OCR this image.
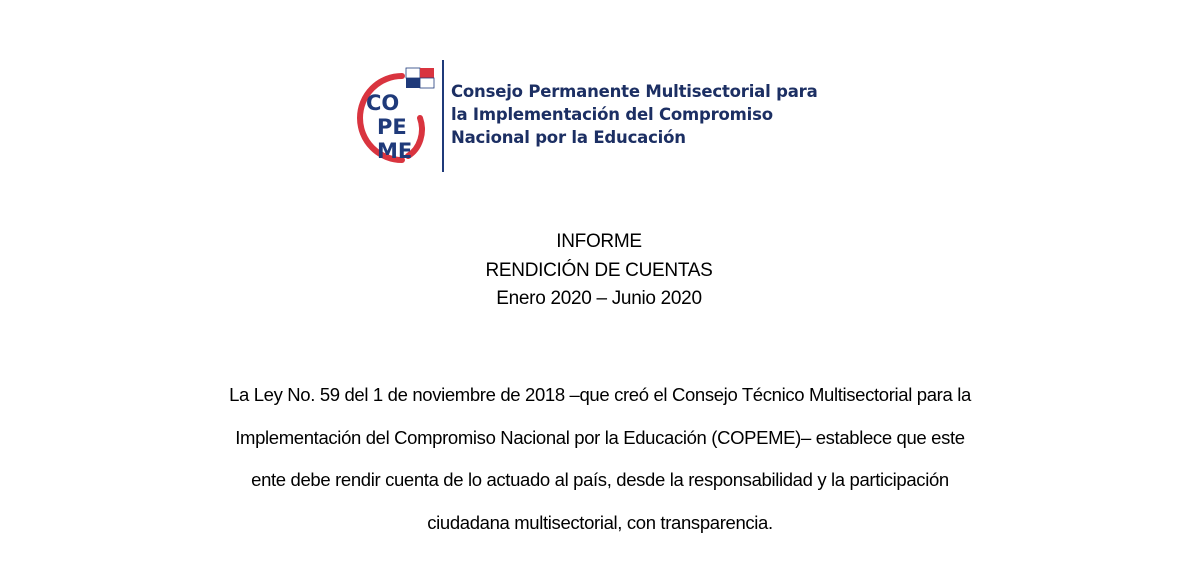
CO
PE
ME
Consejo Permanente Multisectorial para
la Implementación del Compromiso
Nacional por la Educación
INFORME
RENDICIÓN DE CUENTAS
Enero 2020 – Junio 2020
La Ley No. 59 del 1 de noviembre de 2018 –que creó el Consejo Técnico Multisectorial para la
Implementación del Compromiso Nacional por la Educación (COPEME)– establece que este
ente debe rendir cuenta de lo actuado al país, desde la responsabilidad y la participación
ciudadana multisectorial, con transparencia.
